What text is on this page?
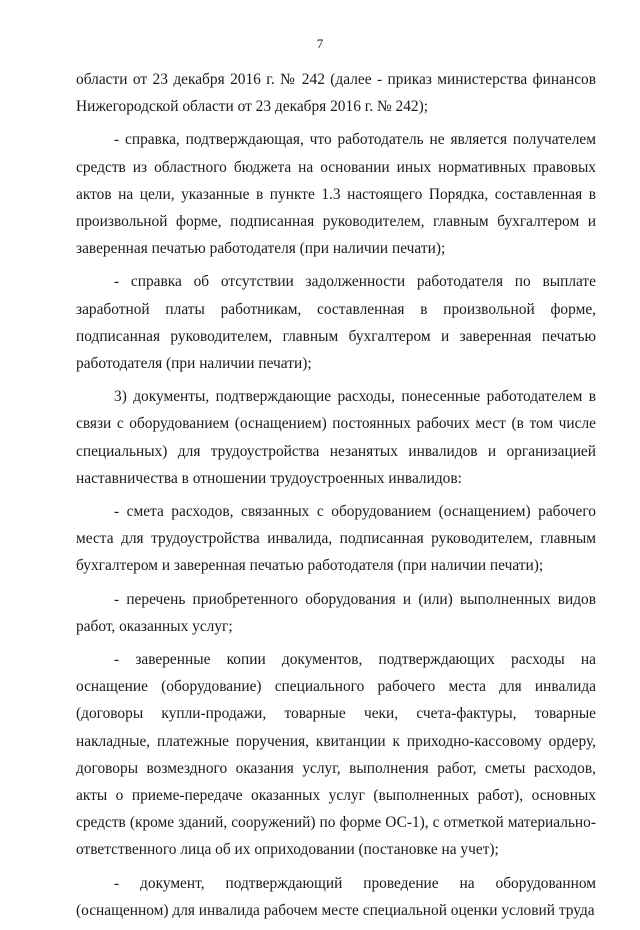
7

области от 23 декабря 2016 г. № 242 (далее - приказ министерства финансов Нижегородской области от 23 декабря 2016 г. № 242);

- справка, подтверждающая, что работодатель не является получателем средств из областного бюджета на основании иных нормативных правовых актов на цели, указанные в пункте 1.3 настоящего Порядка, составленная в произвольной форме, подписанная руководителем, главным бухгалтером и заверенная печатью работодателя (при наличии печати);

- справка об отсутствии задолженности работодателя по выплате заработной платы работникам, составленная в произвольной форме, подписанная руководителем, главным бухгалтером и заверенная печатью работодателя (при наличии печати);

3) документы, подтверждающие расходы, понесенные работодателем в связи с оборудованием (оснащением) постоянных рабочих мест (в том числе специальных) для трудоустройства незанятых инвалидов и организацией наставничества в отношении трудоустроенных инвалидов:

- смета расходов, связанных с оборудованием (оснащением) рабочего места для трудоустройства инвалида, подписанная руководителем, главным бухгалтером и заверенная печатью работодателя (при наличии печати);

- перечень приобретенного оборудования и (или) выполненных видов работ, оказанных услуг;

- заверенные копии документов, подтверждающих расходы на оснащение (оборудование) специального рабочего места для инвалида (договоры купли-продажи, товарные чеки, счета-фактуры, товарные накладные, платежные поручения, квитанции к приходно-кассовому ордеру, договоры возмездного оказания услуг, выполнения работ, сметы расходов, акты о приеме-передаче оказанных услуг (выполненных работ), основных средств (кроме зданий, сооружений) по форме ОС-1), с отметкой материально-ответственного лица об их оприходовании (постановке на учет);

- документ, подтверждающий проведение на оборудованном (оснащенном) для инвалида рабочем месте специальной оценки условий труда
